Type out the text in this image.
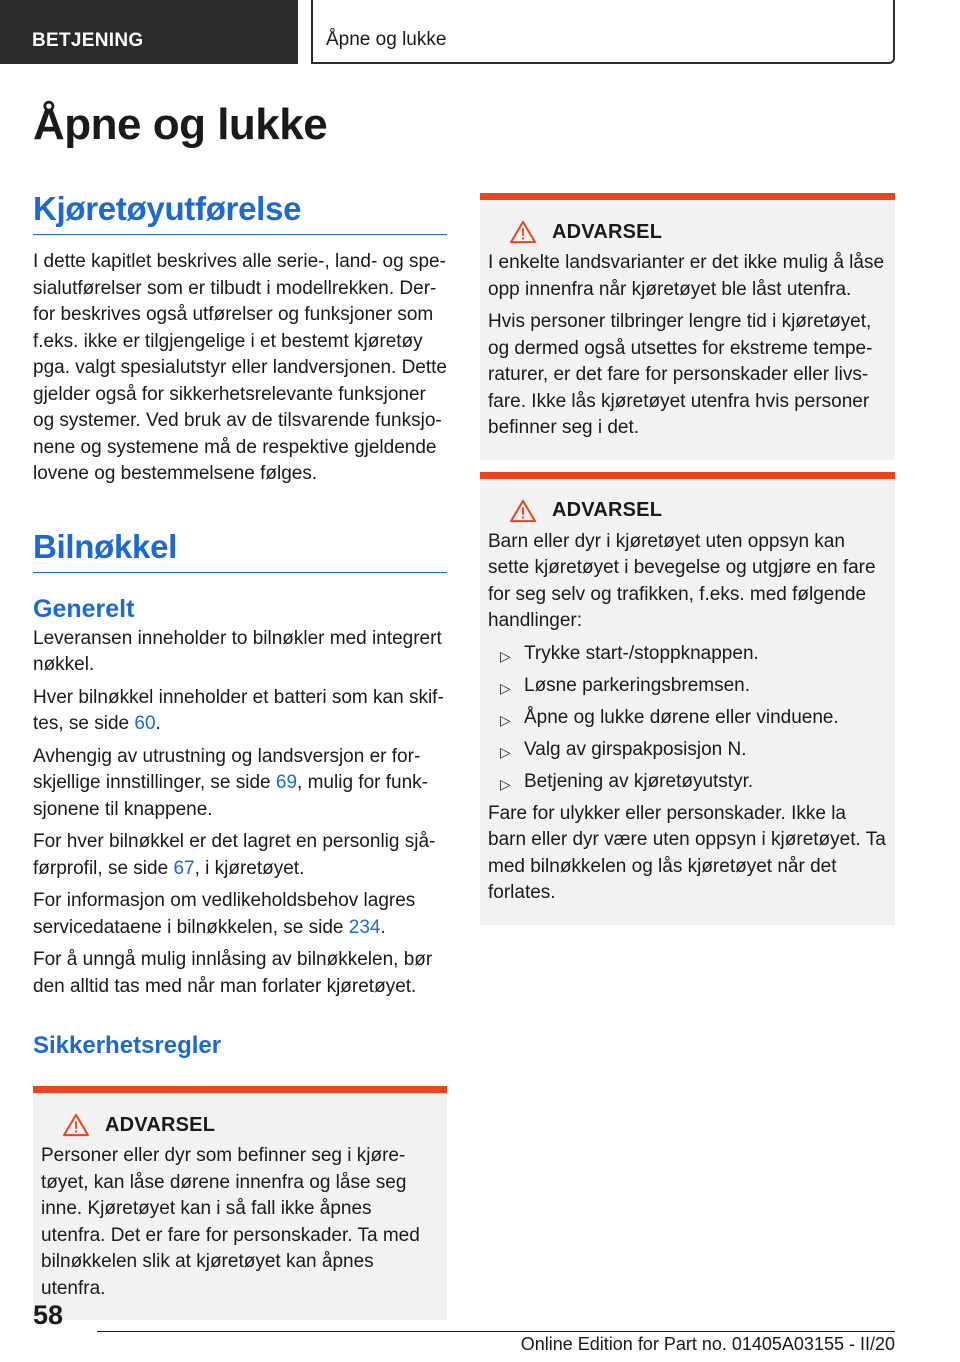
BETJENING	Åpne og lukke
Åpne og lukke
Kjøretøyutførelse

I dette kapitlet beskrives alle serie-, land- og spesialutførelser som er tilbudt i modellrekken. Derfor beskrives også utførelser og funksjoner som f.eks. ikke er tilgjengelige i et bestemt kjøretøy pga. valgt spesialutstyr eller landversjonen. Dette gjelder også for sikkerhetsrelevante funksjoner og systemer. Ved bruk av de tilsvarende funksjonene og systemene må de respektive gjeldende lovene og bestemmelsene følges.

Bilnøkkel
Generelt

Leveransen inneholder to bilnøkler med integrert nøkkel.

Hver bilnøkkel inneholder et batteri som kan skiftes, se side 60.

Avhengig av utrustning og landsversjon er forskjellige innstillinger, se side 69, mulig for funksjonene til knappene.

For hver bilnøkkel er det lagret en personlig sjåførprofil, se side 67, i kjøretøyet.

For informasjon om vedlikeholdsbehov lagres servicedataene i bilnøkkelen, se side 234.

For å unngå mulig innlåsing av bilnøkkelen, bør den alltid tas med når man forlater kjøretøyet.

Sikkerhetsregler
ADVARSEL

Personer eller dyr som befinner seg i kjøretøyet, kan låse dørene innenfra og låse seg inne. Kjøretøyet kan i så fall ikke åpnes utenfra. Det er fare for personskader. Ta med bilnøkkelen slik at kjøretøyet kan åpnes utenfra.

ADVARSEL

I enkelte landsvarianter er det ikke mulig å låse opp innenfra når kjøretøyet ble låst utenfra.

Hvis personer tilbringer lengre tid i kjøretøyet, og dermed også utsettes for ekstreme temperaturer, er det fare for personskader eller livsfare. Ikke lås kjøretøyet utenfra hvis personer befinner seg i det.

ADVARSEL

Barn eller dyr i kjøretøyet uten oppsyn kan sette kjøretøyet i bevegelse og utgjøre en fare for seg selv og trafikken, f.eks. med følgende handlinger:

▷ Trykke start-/stoppknappen.
▷ Løsne parkeringsbremsen.
▷ Åpne og lukke dørene eller vinduene.
▷ Valg av girspakposisjon N.
▷ Betjening av kjøretøyutstyr.

Fare for ulykker eller personskader. Ikke la barn eller dyr være uten oppsyn i kjøretøyet. Ta med bilnøkkelen og lås kjøretøyet når det forlates.

58
Online Edition for Part no. 01405A03155 - II/20
